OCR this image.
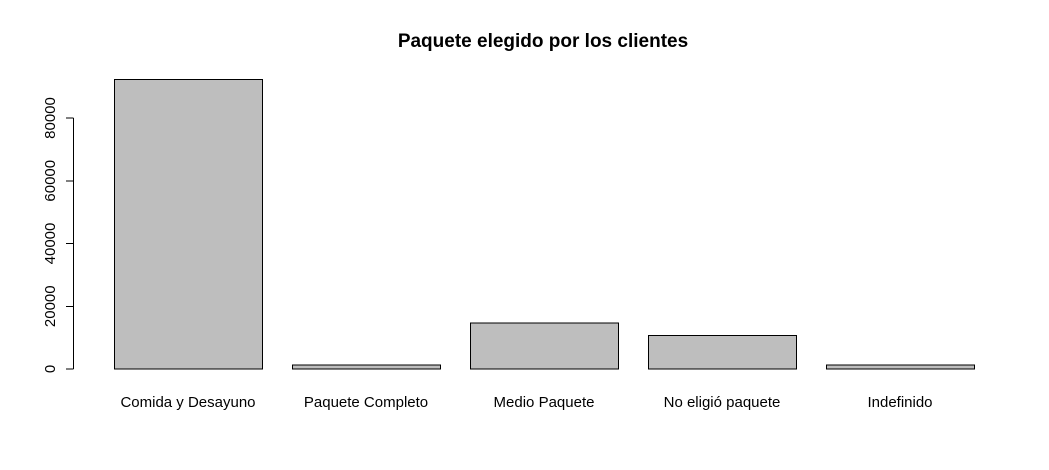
Paquete elegido por los clientes
0
20000
40000
60000
80000
Comida y Desayuno	Paquete Completo	Medio Paquete	No eligió paquete	Indefinido
